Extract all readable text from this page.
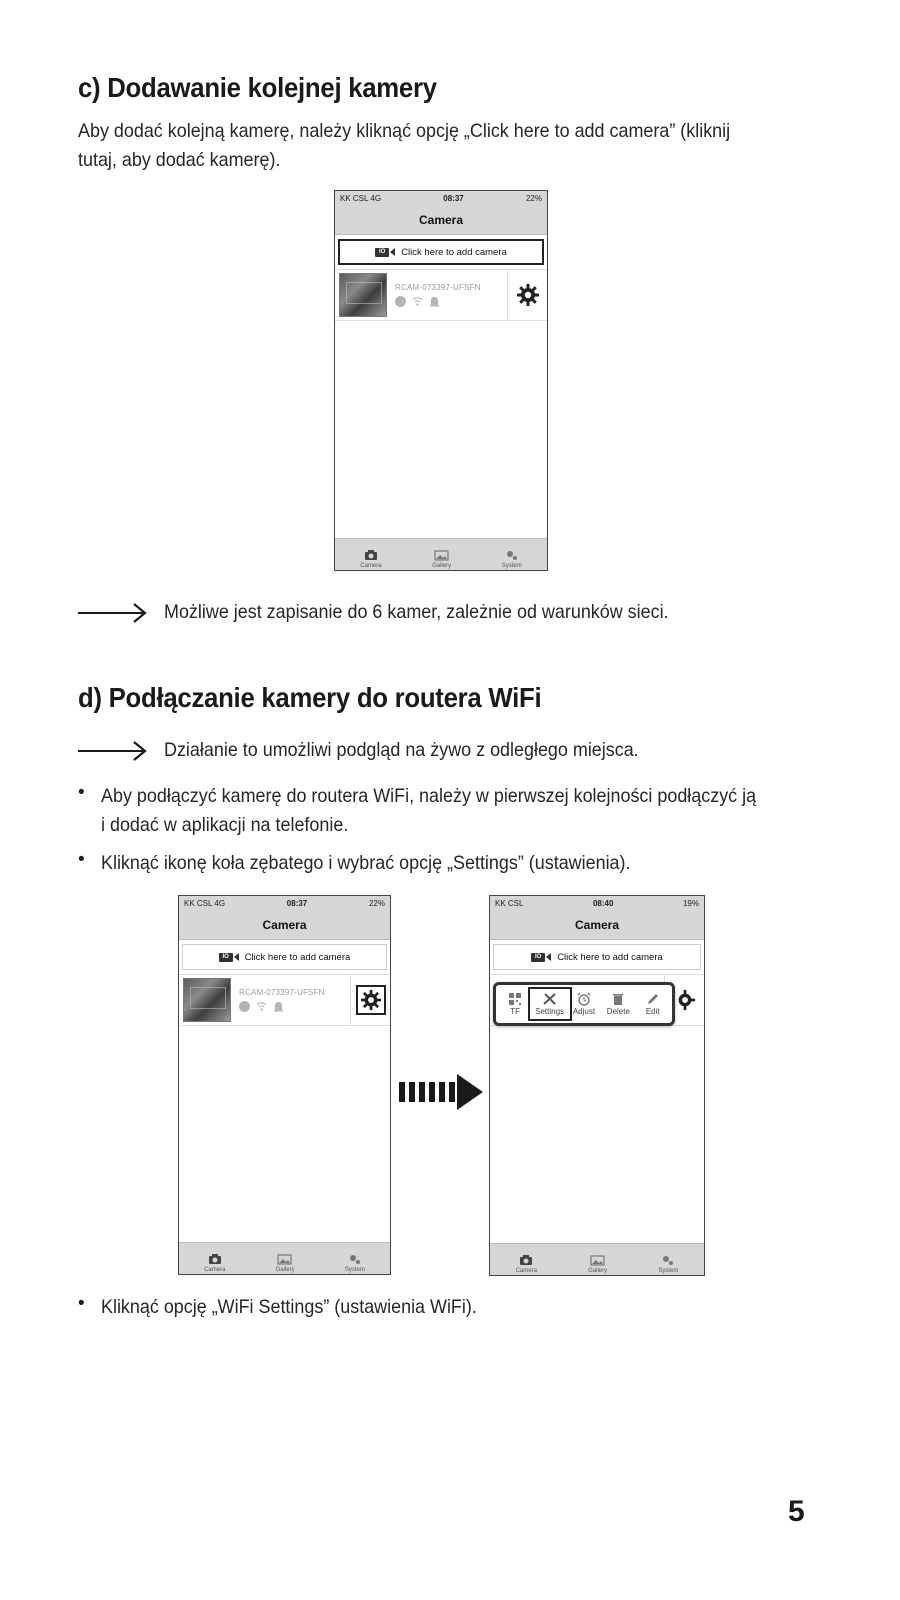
c) Dodawanie kolejnej kamery
Aby dodać kolejną kamerę, należy kliknąć opcję „Click here to add camera” (kliknij
tutaj, aby dodać kamerę).
KK CSL 4G	08:37	22%
Camera
IO	Click here to add camera
RCAM-073397-UFSFN
Camera	Gallery	System
Możliwe jest zapisanie do 6 kamer, zależnie od warunków sieci.
d) Podłączanie kamery do routera WiFi
Działanie to umożliwi podgląd na żywo z odległego miejsca.
• Aby podłączyć kamerę do routera WiFi, należy w pierwszej kolejności podłączyć ją
i dodać w aplikacji na telefonie.
• Kliknąć ikonę koła zębatego i wybrać opcję „Settings” (ustawienia).
KK CSL 4G	08:37	22%
Camera
IO	Click here to add camera
RCAM-073397-UFSFN
Camera	Gallery	System
KK CSL	08:40	19%
Camera
IO	Click here to add camera
TF Settings Adjust Delete Edit
Camera	Gallery	System
• Kliknąć opcję „WiFi Settings” (ustawienia WiFi).
5
